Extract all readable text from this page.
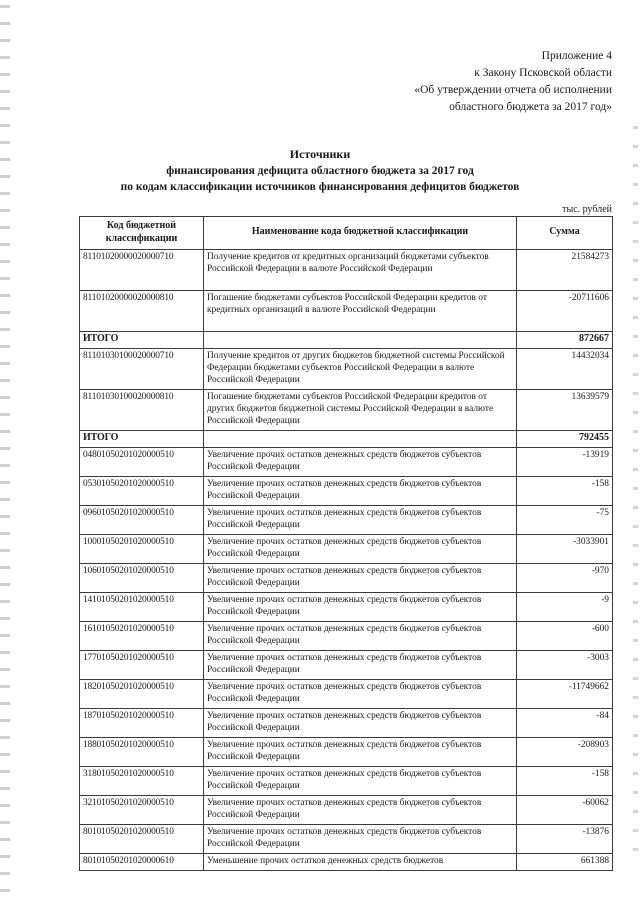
Приложение 4
к Закону Псковской области
«Об утверждении отчета об исполнении
областного бюджета за 2017 год»
Источники
финансирования дефицита областного бюджета за 2017 год
по кодам классификации источников финансирования дефицитов бюджетов
тыс. рублей
Код бюджетной классификации	Наименование кода бюджетной классификации	Сумма
81101020000020000710	Получение кредитов от кредитных организаций бюджетами субъектов Российской Федерации в валюте Российской Федерации	21584273
81101020000020000810	Погашение бюджетами субъектов Российской Федерации кредитов от кредитных организаций в валюте Российской Федерации	-20711606
ИТОГО		872667
81101030100020000710	Получение кредитов от других бюджетов бюджетной системы Российской Федерации бюджетами субъектов Российской Федерации в валюте Российской Федерации	14432034
81101030100020000810	Погашение бюджетами субъектов Российской Федерации кредитов от других бюджетов бюджетной системы Российской Федерации в валюте Российской Федерации	13639579
ИТОГО		792455
04801050201020000510	Увеличение прочих остатков денежных средств бюджетов субъектов Российской Федерации	-13919
05301050201020000510	Увеличение прочих остатков денежных средств бюджетов субъектов Российской Федерации	-158
09601050201020000510	Увеличение прочих остатков денежных средств бюджетов субъектов Российской Федерации	-75
10001050201020000510	Увеличение прочих остатков денежных средств бюджетов субъектов Российской Федерации	-3033901
10601050201020000510	Увеличение прочих остатков денежных средств бюджетов субъектов Российской Федерации	-970
14101050201020000510	Увеличение прочих остатков денежных средств бюджетов субъектов Российской Федерации	-9
16101050201020000510	Увеличение прочих остатков денежных средств бюджетов субъектов Российской Федерации	-600
17701050201020000510	Увеличение прочих остатков денежных средств бюджетов субъектов Российской Федерации	-3003
18201050201020000510	Увеличение прочих остатков денежных средств бюджетов субъектов Российской Федерации	-11749662
18701050201020000510	Увеличение прочих остатков денежных средств бюджетов субъектов Российской Федерации	-84
18801050201020000510	Увеличение прочих остатков денежных средств бюджетов субъектов Российской Федерации	-208903
31801050201020000510	Увеличение прочих остатков денежных средств бюджетов субъектов Российской Федерации	-158
32101050201020000510	Увеличение прочих остатков денежных средств бюджетов субъектов Российской Федерации	-60062
80101050201020000510	Увеличение прочих остатков денежных средств бюджетов субъектов Российской Федерации	-13876
80101050201020000610	Уменьшение прочих остатков денежных средств бюджетов	661388
